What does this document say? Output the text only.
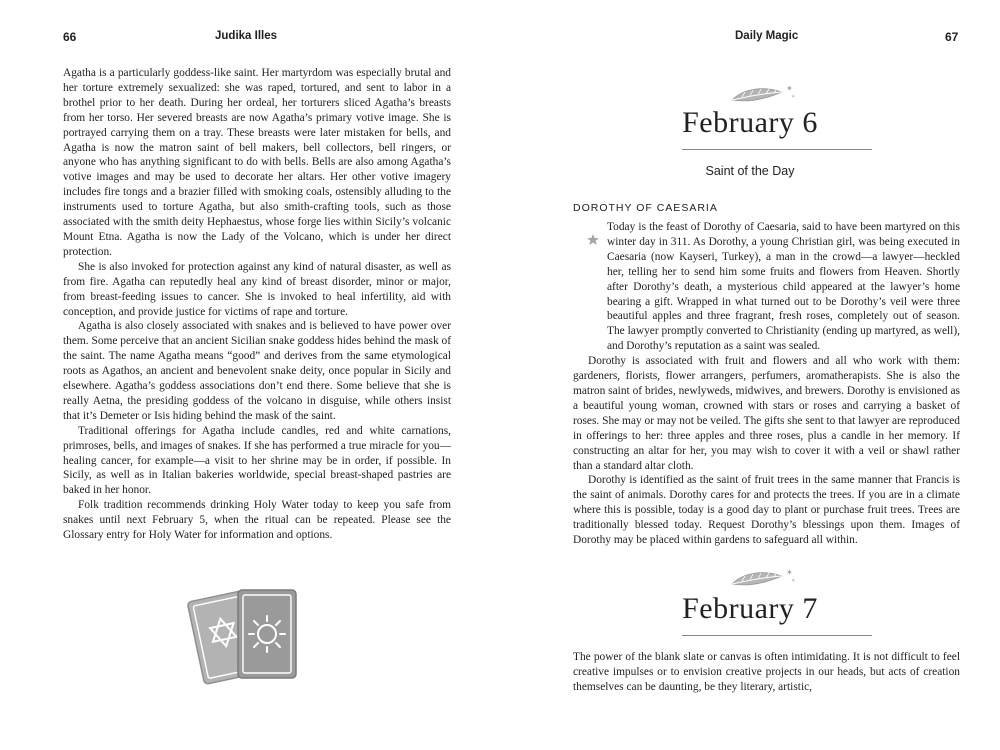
66	Judika Illes

Agatha is a particularly goddess-like saint. Her martyrdom was especially brutal and her torture extremely sexualized: she was raped, tortured, and sent to labor in a brothel prior to her death. During her ordeal, her torturers sliced Agatha’s breasts from her torso. Her severed breasts are now Agatha’s primary votive image. She is portrayed carrying them on a tray. These breasts were later mistaken for bells, and Agatha is now the matron saint of bell makers, bell collectors, bell ringers, or anyone who has anything significant to do with bells. Bells are also among Agatha’s votive images and may be used to decorate her altars. Her other votive imagery includes fire tongs and a brazier filled with smoking coals, ostensibly alluding to the instruments used to torture Agatha, but also smith-crafting tools, such as those associated with the smith deity Hephaestus, whose forge lies within Sicily’s volcanic Mount Etna. Agatha is now the Lady of the Volcano, which is under her direct protection.

She is also invoked for protection against any kind of natural disaster, as well as from fire. Agatha can reputedly heal any kind of breast disorder, minor or major, from breast-feeding issues to cancer. She is invoked to heal infertility, aid with conception, and provide justice for victims of rape and torture.

Agatha is also closely associated with snakes and is believed to have power over them. Some perceive that an ancient Sicilian snake goddess hides behind the mask of the saint. The name Agatha means “good” and derives from the same etymological roots as Agathos, an ancient and benevolent snake deity, once popular in Sicily and elsewhere. Agatha’s goddess associations don’t end there. Some believe that she is really Aetna, the presiding goddess of the volcano in disguise, while others insist that it’s Demeter or Isis hiding behind the mask of the saint.

Traditional offerings for Agatha include candles, red and white carnations, primroses, bells, and images of snakes. If she has performed a true miracle for you—healing cancer, for example—a visit to her shrine may be in order, if possible. In Sicily, as well as in Italian bakeries worldwide, special breast-shaped pastries are baked in her honor.

Folk tradition recommends drinking Holy Water today to keep you safe from snakes until next February 5, when the ritual can be repeated. Please see the Glossary entry for Holy Water for information and options.

Daily Magic	67
✶
✶
February 6
Saint of the Day
DOROTHY OF CAESARIA

Today is the feast of Dorothy of Caesaria, said to have been martyred on this winter day in 311. As Dorothy, a young Christian girl, was being executed in Caesaria (now Kayseri, Turkey), a man in the crowd—a lawyer—heckled her, telling her to send him some fruits and flowers from Heaven. Shortly after Dorothy’s death, a mysterious child appeared at the lawyer’s home bearing a gift. Wrapped in what turned out to be Dorothy’s veil were three beautiful apples and three fragrant, fresh roses, completely out of season. The lawyer promptly converted to Christianity (ending up martyred, as well), and Dorothy’s reputation as a saint was sealed.

Dorothy is associated with fruit and flowers and all who work with them: gardeners, florists, flower arrangers, perfumers, aromatherapists. She is also the matron saint of brides, newlyweds, midwives, and brewers. Dorothy is envisioned as a beautiful young woman, crowned with stars or roses and carrying a basket of roses. She may or may not be veiled. The gifts she sent to that lawyer are reproduced in offerings to her: three apples and three roses, plus a candle in her memory. If constructing an altar for her, you may wish to cover it with a veil or shawl rather than a standard altar cloth.

Dorothy is identified as the saint of fruit trees in the same manner that Francis is the saint of animals. Dorothy cares for and protects the trees. If you are in a climate where this is possible, today is a good day to plant or purchase fruit trees. Trees are traditionally blessed today. Request Dorothy’s blessings upon them. Images of Dorothy may be placed within gardens to safeguard all within.

✶
✶
February 7

The power of the blank slate or canvas is often intimidating. It is not difficult to feel creative impulses or to envision creative projects in our heads, but acts of creation themselves can be daunting, be they literary, artistic,
